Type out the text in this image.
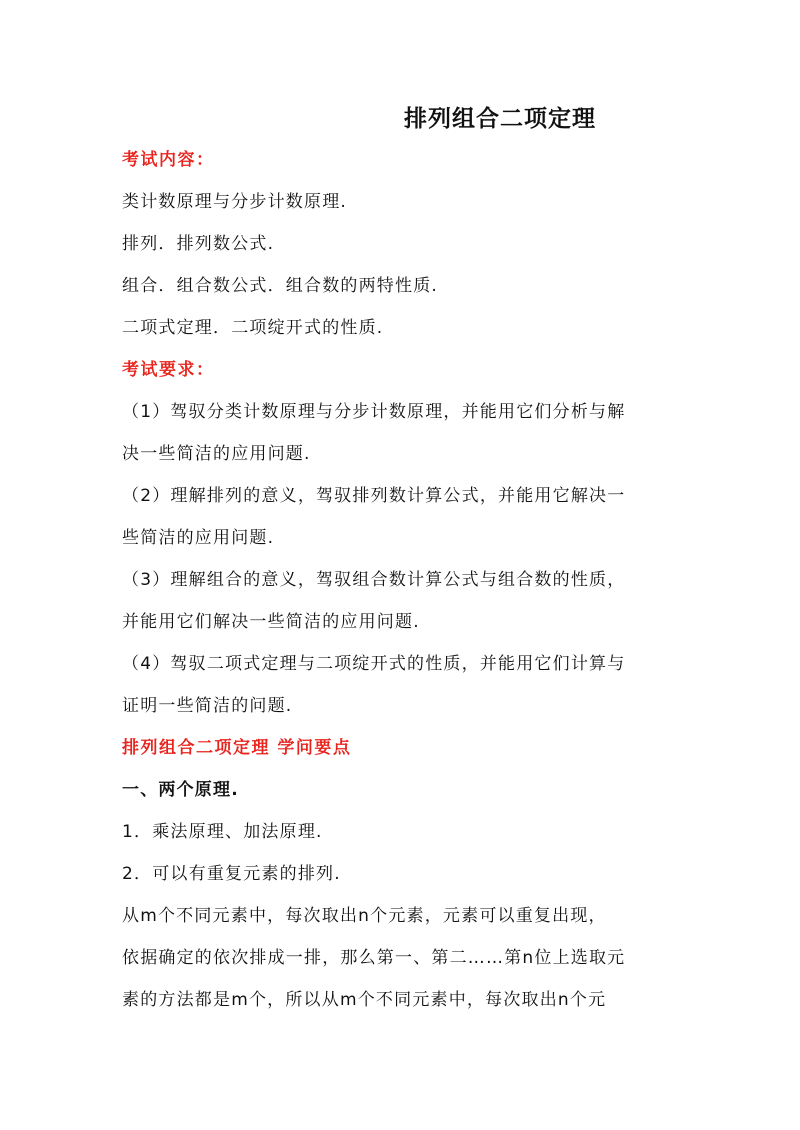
排列组合二项定理
考试内容：
类计数原理与分步计数原理.
排列．排列数公式.
组合．组合数公式．组合数的两特性质.
二项式定理．二项绽开式的性质.
考试要求：
（1）驾驭分类计数原理与分步计数原理，并能用它们分析与解
决一些简洁的应用问题.
（2）理解排列的意义，驾驭排列数计算公式，并能用它解决一
些简洁的应用问题.
（3）理解组合的意义，驾驭组合数计算公式与组合数的性质，
并能用它们解决一些简洁的应用问题.
（4）驾驭二项式定理与二项绽开式的性质，并能用它们计算与
证明一些简洁的问题.
排列组合二项定理 学问要点
一、两个原理.
1．乘法原理、加法原理.
2．可以有重复元素的排列.
从m个不同元素中，每次取出n个元素，元素可以重复出现，
依据确定的依次排成一排，那么第一、第二……第n位上选取元
素的方法都是m个，所以从m个不同元素中，每次取出n个元
